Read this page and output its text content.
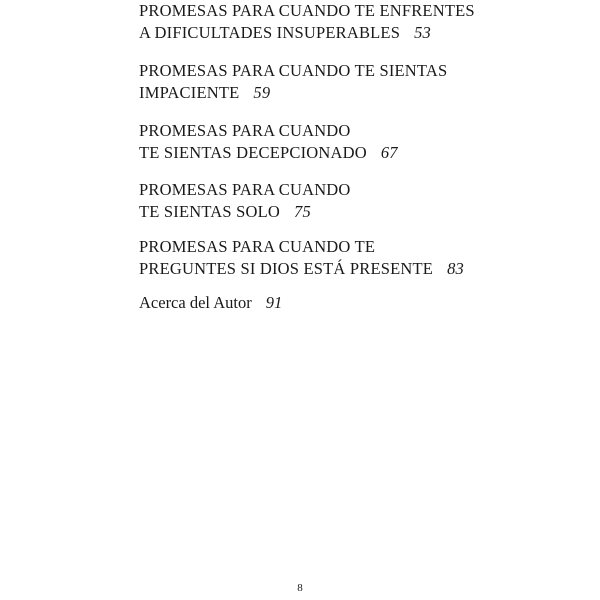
PROMESAS PARA CUANDO TE ENFRENTES
A DIFICULTADES INSUPERABLES 53
PROMESAS PARA CUANDO TE SIENTAS
IMPACIENTE 59
PROMESAS PARA CUANDO
TE SIENTAS DECEPCIONADO 67
PROMESAS PARA CUANDO
TE SIENTAS SOLO 75
PROMESAS PARA CUANDO TE
PREGUNTES SI DIOS ESTÁ PRESENTE 83
Acerca del Autor 91
8
